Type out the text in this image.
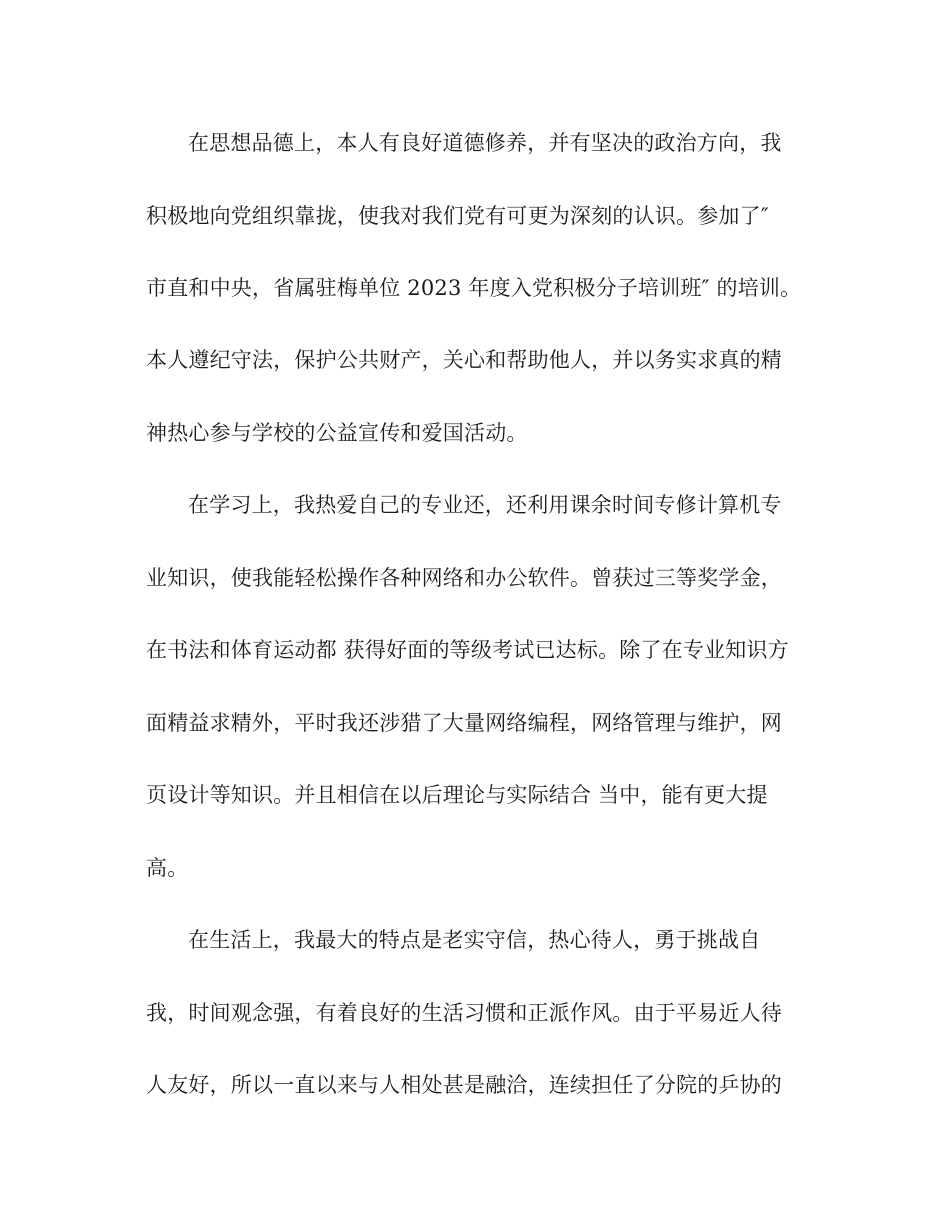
在思想品德上，本人有良好道德修养，并有坚决的政治方向，我
积极地向党组织靠拢，使我对我们党有可更为深刻的认识。参加了″
市直和中央，省属驻梅单位 2023 年度入党积极分子培训班″ 的培训。
本人遵纪守法，保护公共财产，关心和帮助他人，并以务实求真的精
神热心参与学校的公益宣传和爱国活动。
在学习上，我热爱自己的专业还，还利用课余时间专修计算机专
业知识，使我能轻松操作各种网络和办公软件。曾获过三等奖学金，
在书法和体育运动都 获得好面的等级考试已达标。除了在专业知识方
面精益求精外，平时我还涉猎了大量网络编程，网络管理与维护，网
页设计等知识。并且相信在以后理论与实际结合 当中，能有更大提
高。
在生活上，我最大的特点是老实守信，热心待人，勇于挑战自
我，时间观念强，有着良好的生活习惯和正派作风。由于平易近人待
人友好，所以一直以来与人相处甚是融洽，连续担任了分院的乒协的
